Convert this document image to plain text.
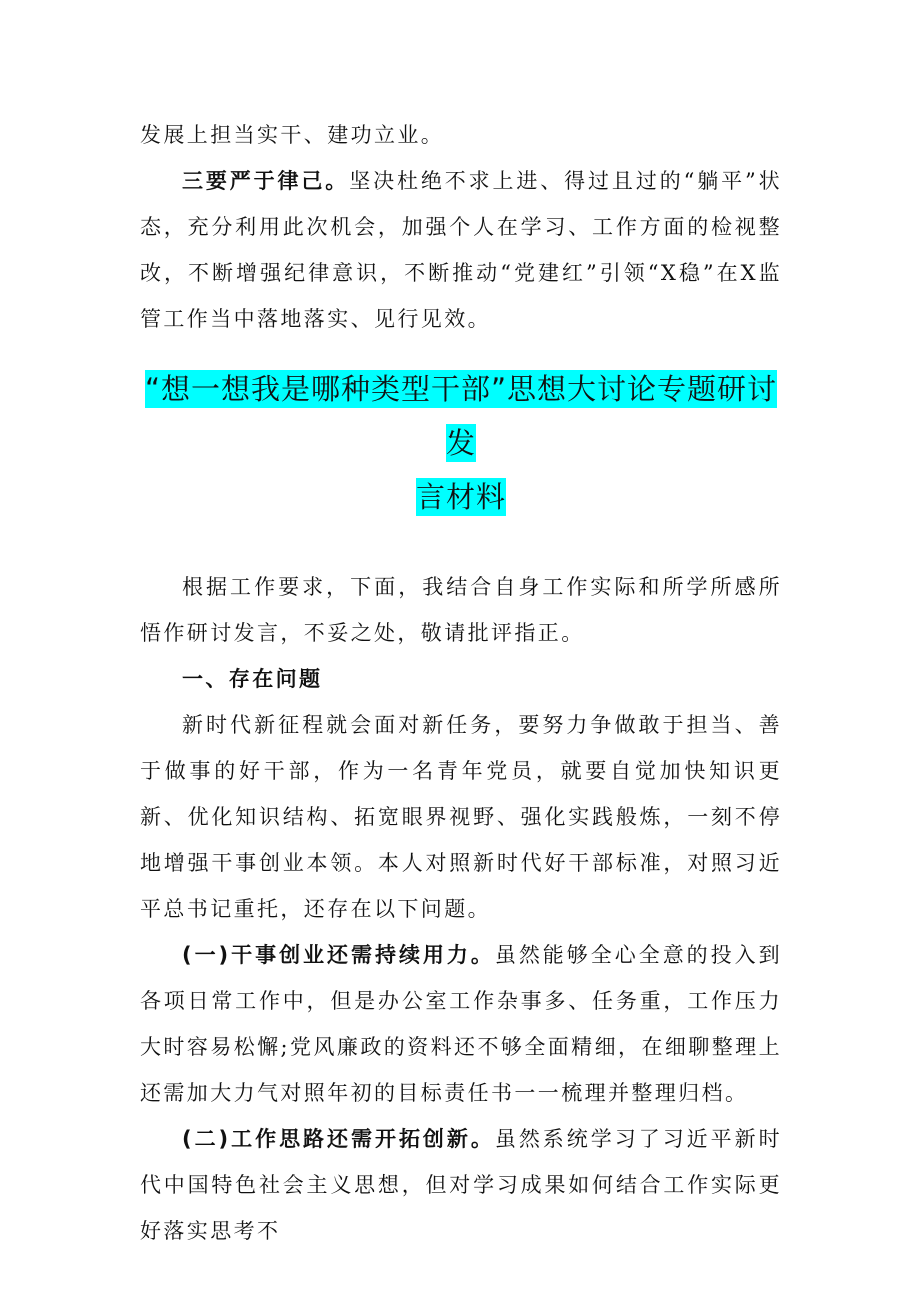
发展上担当实干、建功立业。

三要严于律己。坚决杜绝不求上进、得过且过的“躺平”状态，充分利用此次机会，加强个人在学习、工作方面的检视整改，不断增强纪律意识，不断推动“党建红”引领“X稳”在X监管工作当中落地落实、见行见效。

“想一想我是哪种类型干部”思想大讨论专题研讨发
言材料

根据工作要求，下面，我结合自身工作实际和所学所感所悟作研讨发言，不妥之处，敬请批评指正。

一、存在问题

新时代新征程就会面对新任务，要努力争做敢于担当、善于做事的好干部，作为一名青年党员，就要自觉加快知识更新、优化知识结构、拓宽眼界视野、强化实践般炼，一刻不停地增强干事创业本领。本人对照新时代好干部标准，对照习近平总书记重托，还存在以下问题。

(一)干事创业还需持续用力。虽然能够全心全意的投入到各项日常工作中，但是办公室工作杂事多、任务重，工作压力大时容易松懈;党风廉政的资料还不够全面精细，在细聊整理上还需加大力气对照年初的目标责任书一一梳理并整理归档。

(二)工作思路还需开拓创新。虽然系统学习了习近平新时代中国特色社会主义思想，但对学习成果如何结合工作实际更好落实思考不
